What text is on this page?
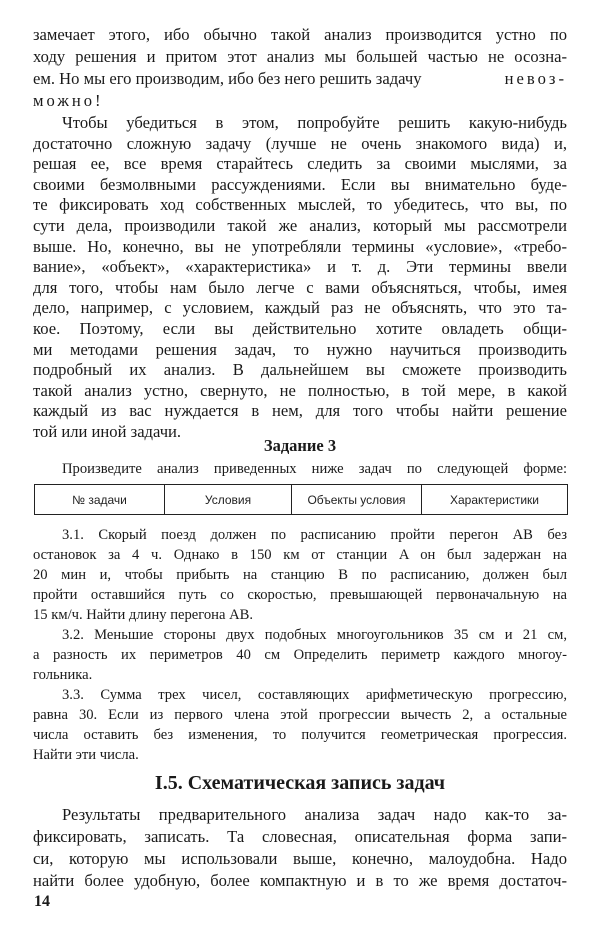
замечает этого, ибо обычно такой анализ производится устно по
ходу решения и притом этот анализ мы большей частью не осозна-
ем. Но мы его производим, ибо без него решить задачу	невоз-
можно!
Чтобы убедиться в этом, попробуйте решить какую-нибудь
достаточно сложную задачу (лучше не очень знакомого вида) и,
решая ее, все время старайтесь следить за своими мыслями, за
своими безмолвными рассуждениями. Если вы внимательно буде-
те фиксировать ход собственных мыслей, то убедитесь, что вы, по
сути дела, производили такой же анализ, который мы рассмотрели
выше. Но, конечно, вы не употребляли термины «условие», «требо-
вание», «объект», «характеристика» и т. д. Эти термины ввели
для того, чтобы нам было легче с вами объясняться, чтобы, имея
дело, например, с условием, каждый раз не объяснять, что это та-
кое. Поэтому, если вы действительно хотите овладеть общи-
ми методами решения задач, то нужно научиться производить
подробный их анализ. В дальнейшем вы сможете производить
такой анализ устно, свернуто, не полностью, в той мере, в какой
каждый из вас нуждается в нем, для того чтобы найти решение
Задание 3
Произведите анализ приведенных ниже задач по следующей форме:
№ задачи	Условия	Объекты условия	Характеристики
3.1. Скорый поезд должен по расписанию пройти перегон AB без
остановок за 4 ч. Однако в 150 км от станции A он был задержан на
20 мин и, чтобы прибыть на станцию B по расписанию, должен был
пройти оставшийся путь со скоростью, превышающей первоначальную на
15 км/ч. Найти длину перегона AB.
3.2. Меньшие стороны двух подобных многоугольников 35 см и 21 см,
а разность их периметров 40 см Определить периметр каждого многоу-
гольника.
3.3. Сумма трех чисел, составляющих арифметическую прогрессию,
равна 30. Если из первого члена этой прогрессии вычесть 2, а остальные
числа оставить без изменения, то получится геометрическая прогрессия.
Найти эти числа.
I.5. Схематическая запись задач
Результаты предварительного анализа задач надо как-то за-
фиксировать, записать. Та словесная, описательная форма запи-
си, которую мы использовали выше, конечно, малоудобна. Надо
14
той или иной задачи.
найти более удобную, более компактную и в то же время достаточ-
